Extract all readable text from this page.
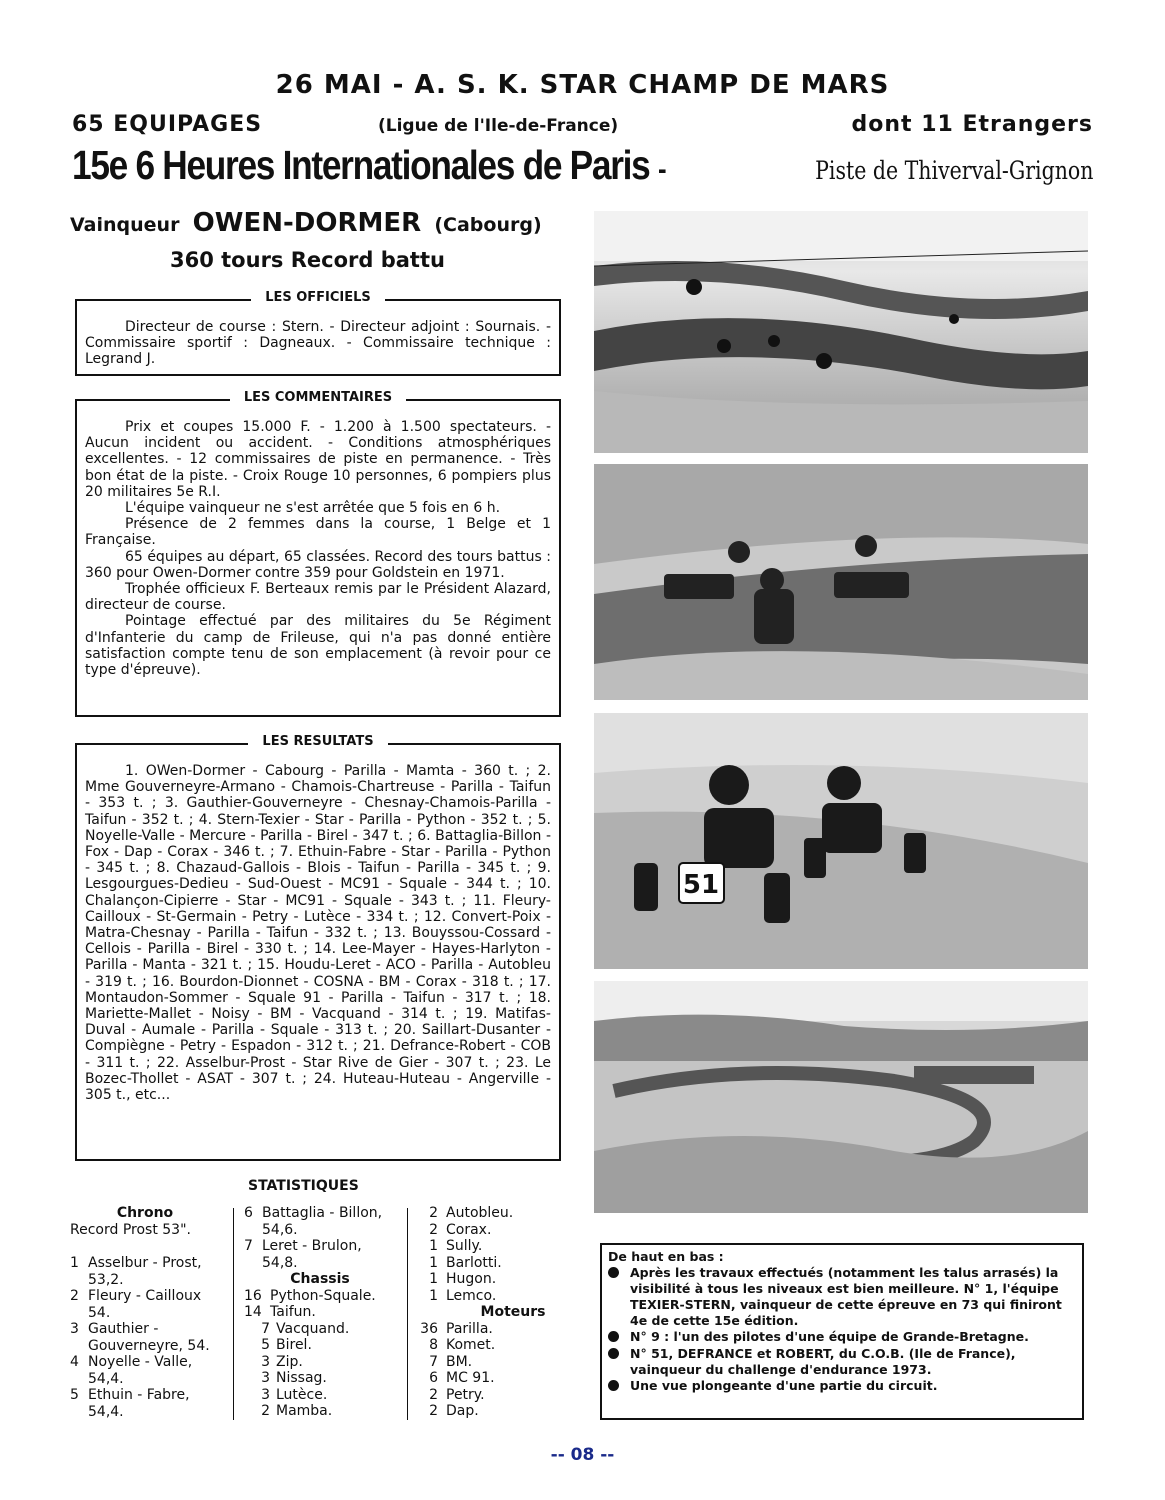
26 MAI - A. S. K. STAR CHAMP DE MARS
65 EQUIPAGES	(Ligue de l'Ile-de-France)	dont 11 Etrangers
15e 6 Heures Internationales de Paris -	Piste de Thiverval-Grignon
Vainqueur OWEN-DORMER (Cabourg)
360 tours Record battu
LES OFFICIELS

Directeur de course : Stern. - Directeur adjoint : Sournais. - Commissaire sportif : Dagneaux. - Commissaire technique : Legrand J.

LES COMMENTAIRES

Prix et coupes 15.000 F. - 1.200 à 1.500 spectateurs. - Aucun incident ou accident. - Conditions atmosphériques excellentes. - 12 commissaires de piste en permanence. - Très bon état de la piste. - Croix Rouge 10 personnes, 6 pompiers plus 20 militaires 5e R.I.

L'équipe vainqueur ne s'est arrêtée que 5 fois en 6 h.

Présence de 2 femmes dans la course, 1 Belge et 1 Française.

65 équipes au départ, 65 classées. Record des tours battus : 360 pour Owen-Dormer contre 359 pour Goldstein en 1971.

Trophée officieux F. Berteaux remis par le Président Alazard, directeur de course.

Pointage effectué par des militaires du 5e Régiment d'Infanterie du camp de Frileuse, qui n'a pas donné entière satisfaction compte tenu de son emplacement (à revoir pour ce type d'épreuve).

LES RESULTATS

1. OWen-Dormer - Cabourg - Parilla - Mamta - 360 t. ; 2. Mme Gouverneyre-Armano - Chamois-Chartreuse - Parilla - Taifun - 353 t. ; 3. Gauthier-Gouverneyre - Chesnay-Chamois-Parilla - Taifun - 352 t. ; 4. Stern-Texier - Star - Parilla - Python - 352 t. ; 5. Noyelle-Valle - Mercure - Parilla - Birel - 347 t. ; 6. Battaglia-Billon - Fox - Dap - Corax - 346 t. ; 7. Ethuin-Fabre - Star - Parilla - Python - 345 t. ; 8. Chazaud-Gallois - Blois - Taifun - Parilla - 345 t. ; 9. Lesgourgues-Dedieu - Sud-Ouest - MC91 - Squale - 344 t. ; 10. Chalançon-Cipierre - Star - MC91 - Squale - 343 t. ; 11. Fleury-Cailloux - St-Germain - Petry - Lutèce - 334 t. ; 12. Convert-Poix - Matra-Chesnay - Parilla - Taifun - 332 t. ; 13. Bouyssou-Cossard - Cellois - Parilla - Birel - 330 t. ; 14. Lee-Mayer - Hayes-Harlyton - Parilla - Manta - 321 t. ; 15. Houdu-Leret - ACO - Parilla - Autobleu - 319 t. ; 16. Bourdon-Dionnet - COSNA - BM - Corax - 318 t. ; 17. Montaudon-Sommer - Squale 91 - Parilla - Taifun - 317 t. ; 18. Mariette-Mallet - Noisy - BM - Vacquand - 314 t. ; 19. Matifas-Duval - Aumale - Parilla - Squale - 313 t. ; 20. Saillart-Dusanter - Compiègne - Petry - Espadon - 312 t. ; 21. Defrance-Robert - COB - 311 t. ; 22. Asselbur-Prost - Star Rive de Gier - 307 t. ; 23. Le Bozec-Thollet - ASAT - 307 t. ; 24. Huteau-Huteau - Angerville - 305 t., etc...

STATISTIQUES
Chrono
Record Prost 53".
1 Asselbur - Prost, 53,2.
2 Fleury - Cailloux 54.
3 Gauthier - Gouverneyre, 54.
4 Noyelle - Valle, 54,4.
5 Ethuin - Fabre, 54,4.
6 Battaglia - Billon, 54,6.
7 Leret - Brulon, 54,8.
Chassis
16 Python-Squale.
14 Taifun.
7 Vacquand.
5 Birel.
3 Zip.
3 Nissag.
3 Lutèce.
2 Mamba.
2 Autobleu.
2 Corax.
1 Sully.
1 Barlotti.
1 Hugon.
1 Lemco.
Moteurs
36 Parilla.
8 Komet.
7 BM.
6 MC 91.
2 Petry.
2 Dap.
51
De haut en bas :
Après les travaux effectués (notamment les talus arrasés) la visibilité à tous les niveaux est bien meilleure. N° 1, l'équipe TEXIER-STERN, vainqueur de cette épreuve en 73 qui finiront 4e de cette 15e édition.
N° 9 : l'un des pilotes d'une équipe de Grande-Bretagne.
N° 51, DEFRANCE et ROBERT, du C.O.B. (Ile de France), vainqueur du challenge d'endurance 1973.
Une vue plongeante d'une partie du circuit.
-- 08 --
